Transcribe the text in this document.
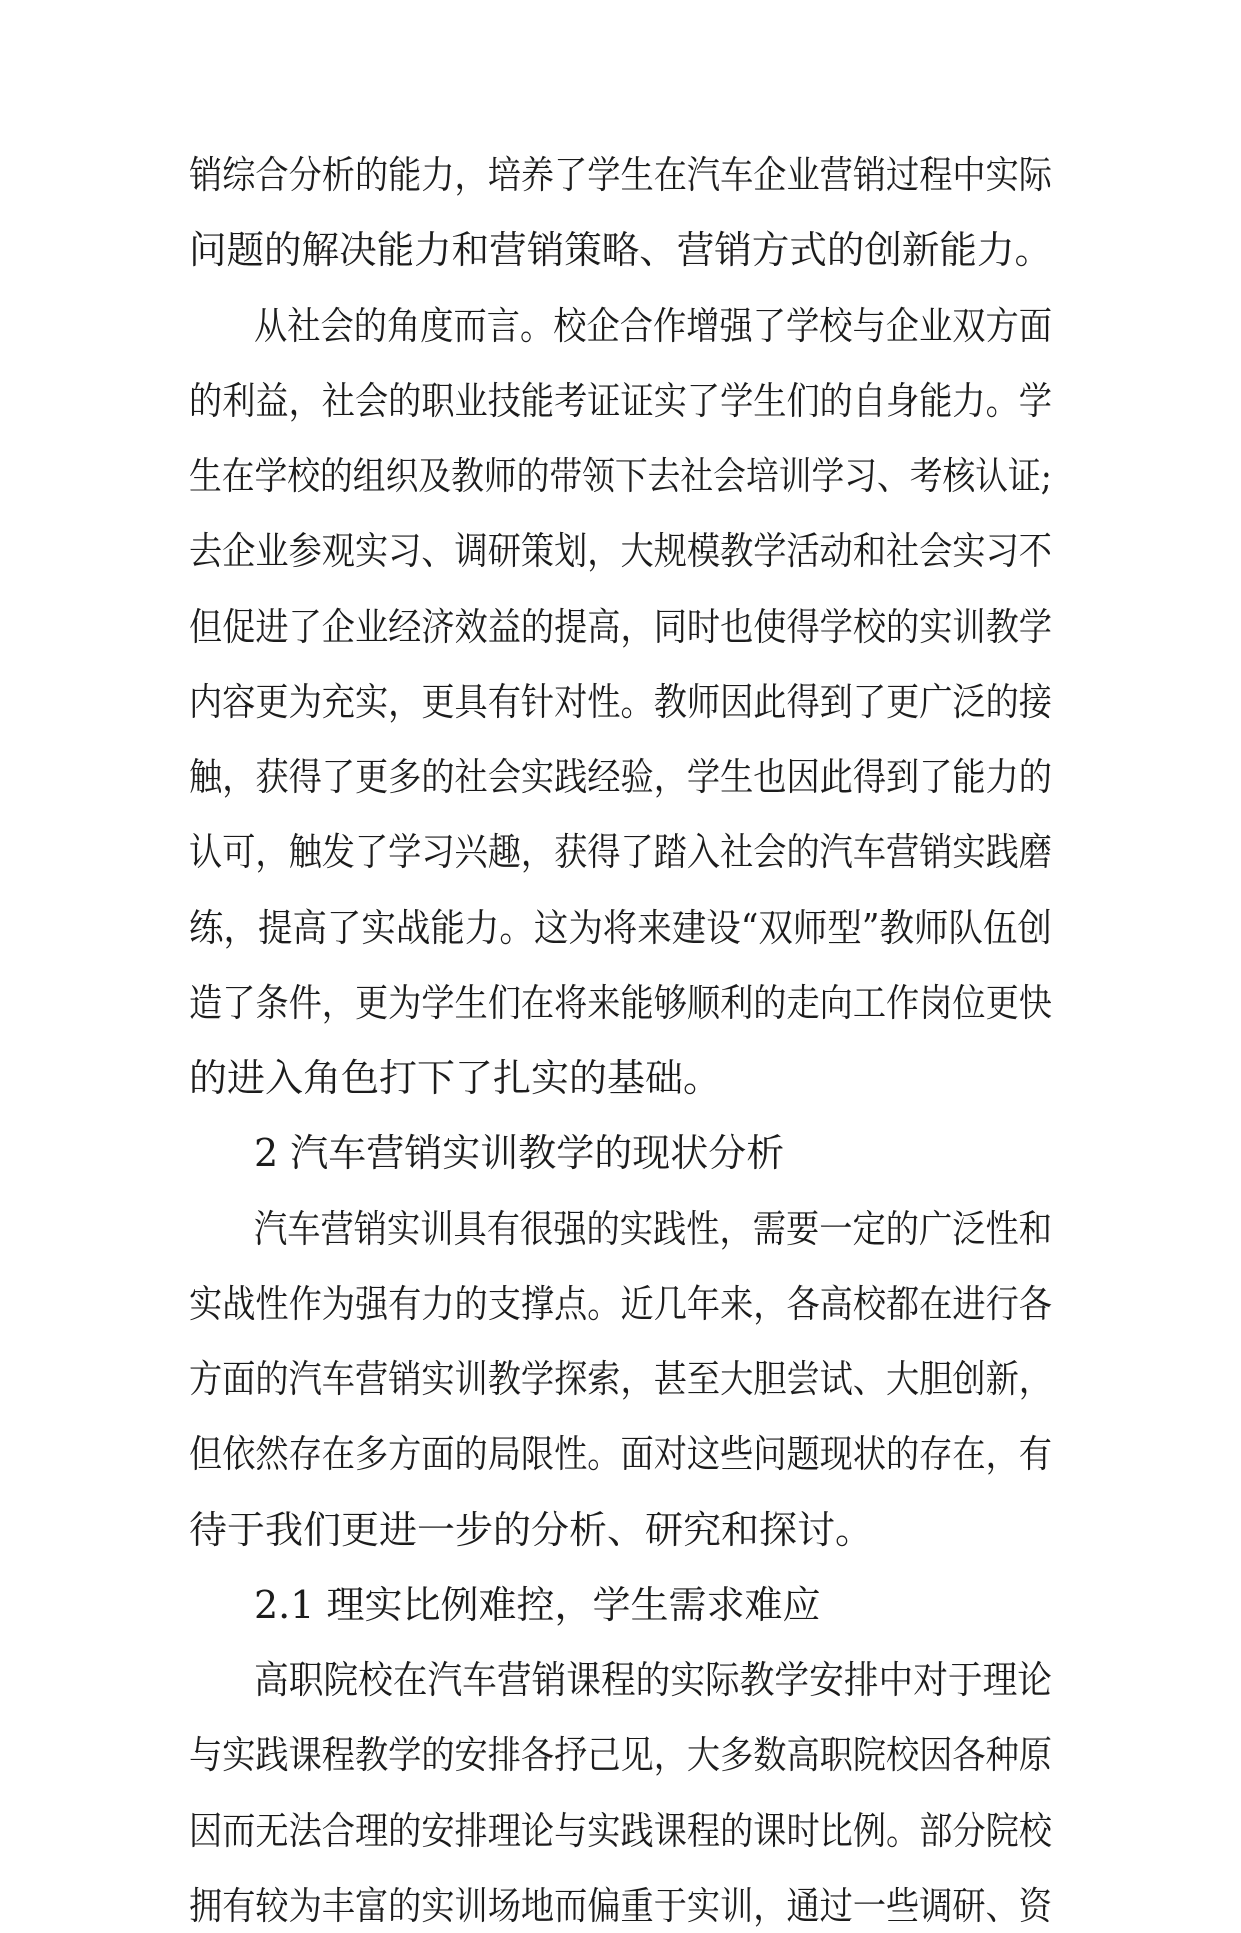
销综合分析的能力，培养了学生在汽车企业营销过程中实际

问题的解决能力和营销策略、营销方式的创新能力。

从社会的角度而言。校企合作增强了学校与企业双方面

的利益，社会的职业技能考证证实了学生们的自身能力。学

生在学校的组织及教师的带领下去社会培训学习、考核认证;

去企业参观实习、调研策划，大规模教学活动和社会实习不

但促进了企业经济效益的提高，同时也使得学校的实训教学

内容更为充实，更具有针对性。教师因此得到了更广泛的接

触，获得了更多的社会实践经验，学生也因此得到了能力的

认可，触发了学习兴趣，获得了踏入社会的汽车营销实践磨

练，提高了实战能力。这为将来建设“双师型”教师队伍创

造了条件，更为学生们在将来能够顺利的走向工作岗位更快

的进入角色打下了扎实的基础。

2 汽车营销实训教学的现状分析

汽车营销实训具有很强的实践性，需要一定的广泛性和

实战性作为强有力的支撑点。近几年来，各高校都在进行各

方面的汽车营销实训教学探索，甚至大胆尝试、大胆创新，

但依然存在多方面的局限性。面对这些问题现状的存在，有

待于我们更进一步的分析、研究和探讨。

2.1 理实比例难控，学生需求难应

高职院校在汽车营销课程的实际教学安排中对于理论

与实践课程教学的安排各抒己见，大多数高职院校因各种原

因而无法合理的安排理论与实践课程的课时比例。部分院校

拥有较为丰富的实训场地而偏重于实训，通过一些调研、资
